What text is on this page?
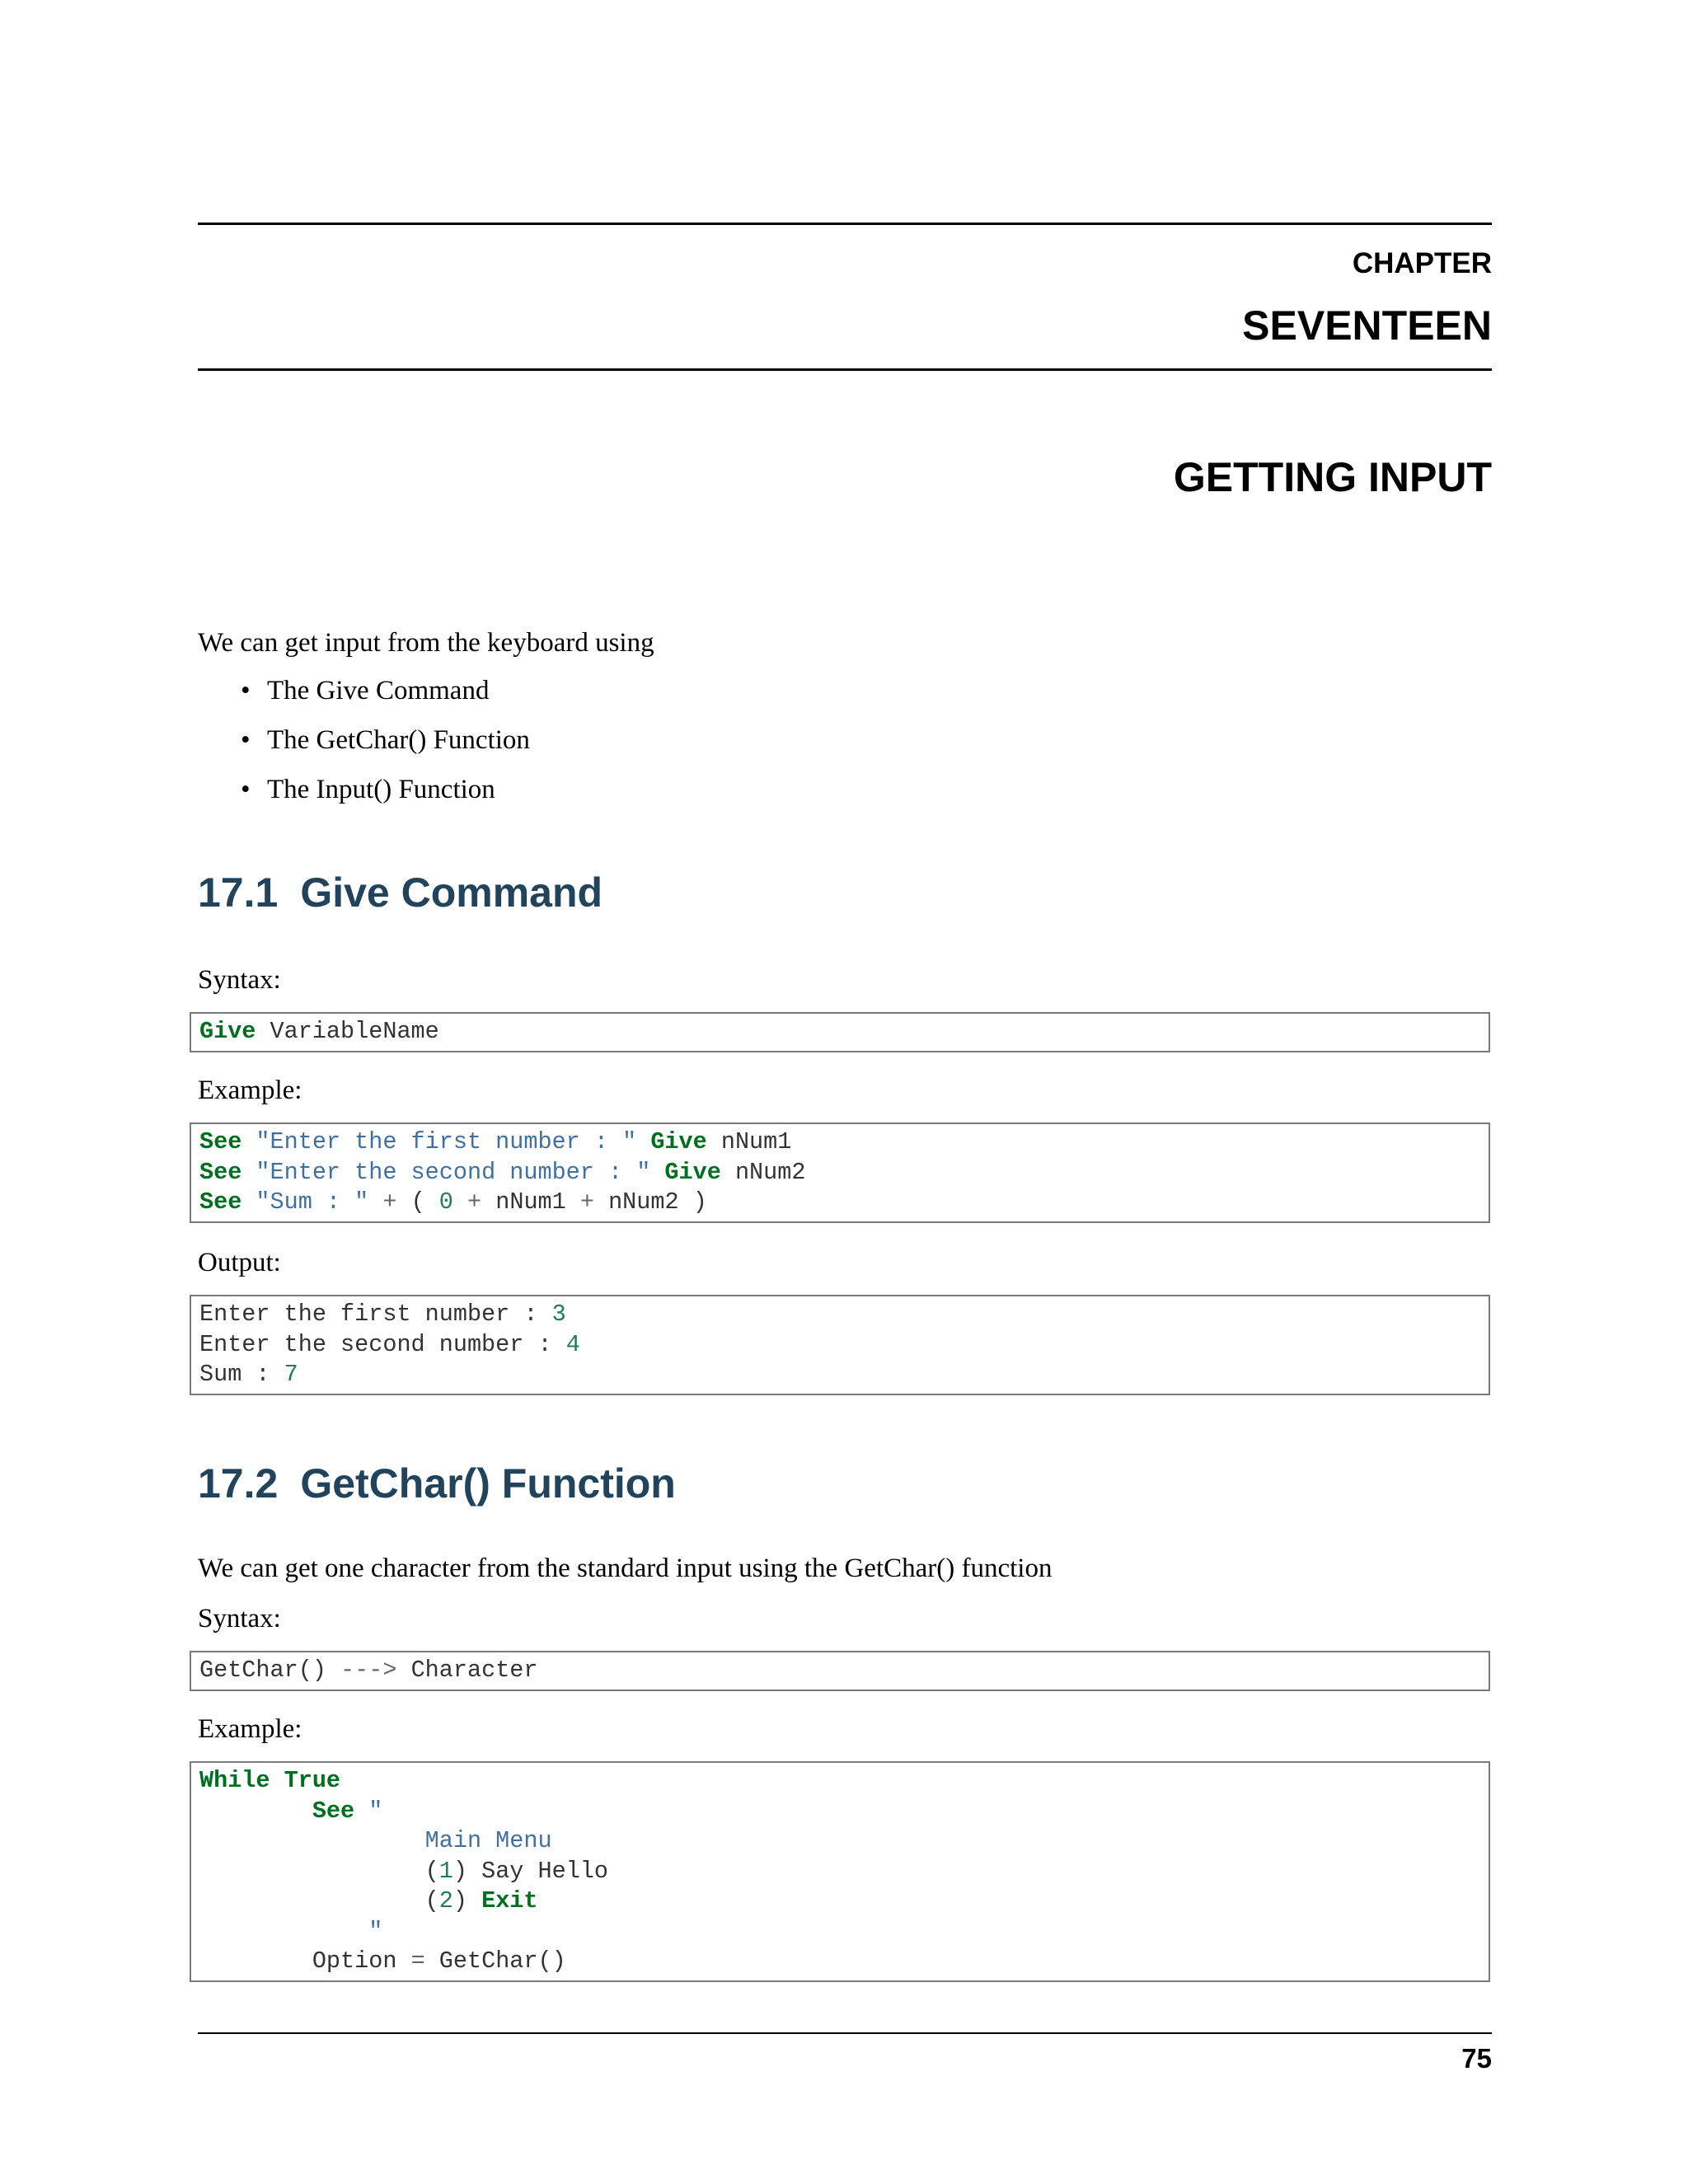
CHAPTER
SEVENTEEN
GETTING INPUT

We can get input from the keyboard using

• The Give Command
• The GetChar() Function
• The Input() Function
17.1 Give Command

Syntax:

Give VariableName

Example:

See "Enter the first number : " Give nNum1
See "Enter the second number : " Give nNum2
See "Sum : " + ( 0 + nNum1 + nNum2 )

Output:

Enter the first number : 3
Enter the second number : 4
Sum : 7
17.2 GetChar() Function

We can get one character from the standard input using the GetChar() function

Syntax:

GetChar() ---> Character

Example:

While True
See "
Main Menu
(1) Say Hello
(2) Exit
"
Option = GetChar()

75
